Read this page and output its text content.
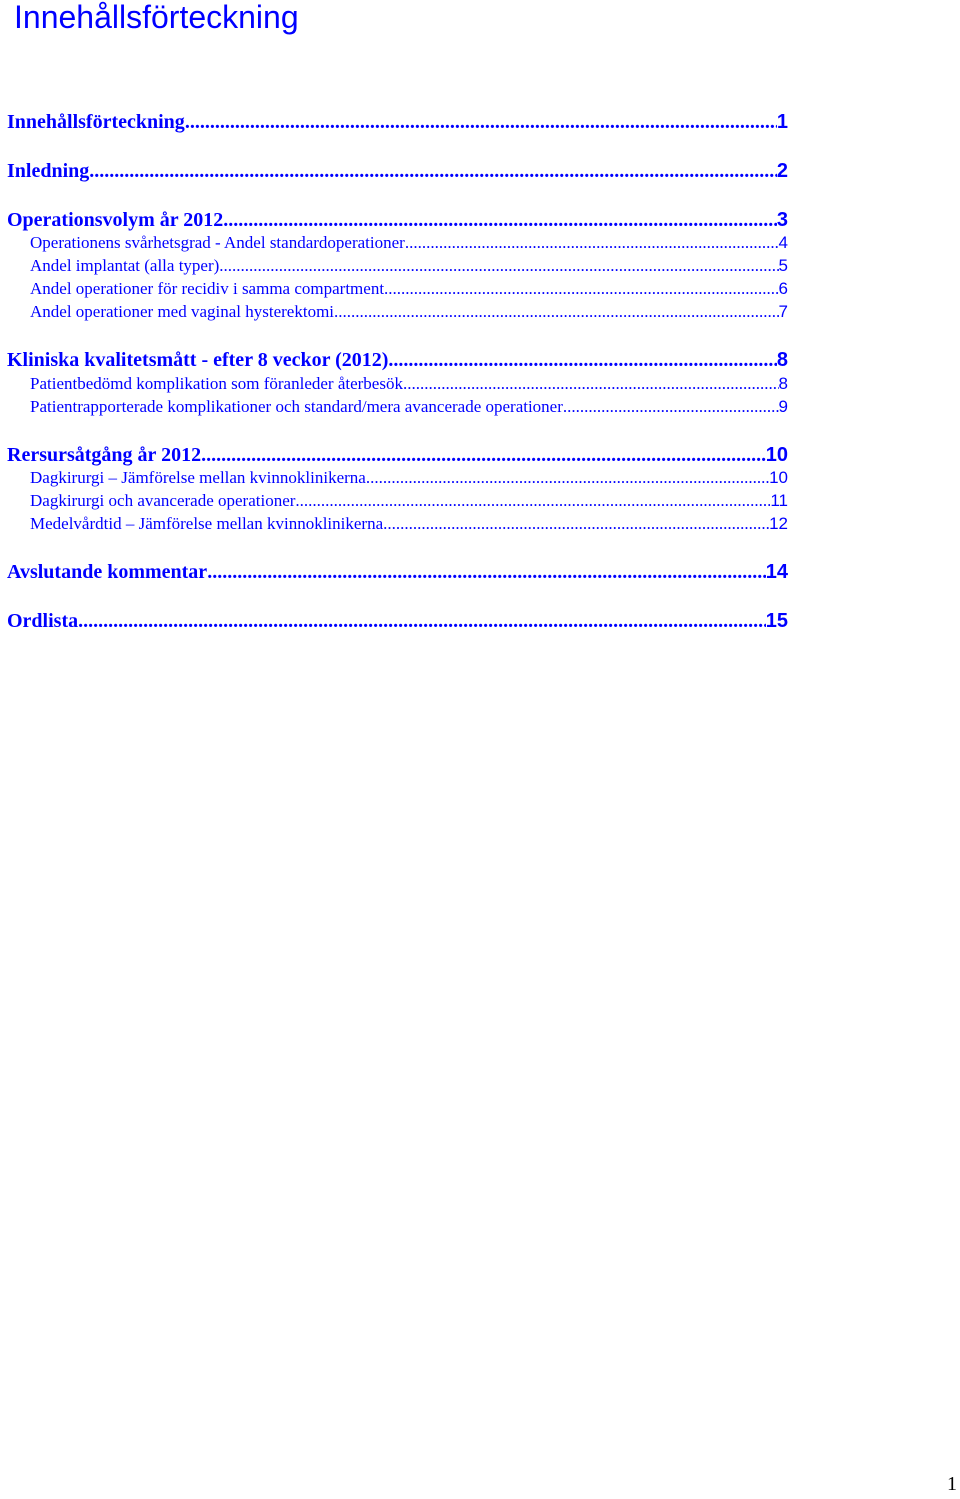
Innehållsförteckning
Innehållsförteckning .....	1
Inledning .....	2
Operationsvolym år 2012 .....	3
Operationens svårhetsgrad - Andel standardoperationer .....	4
Andel implantat (alla typer) .....	5
Andel operationer för recidiv i samma compartment .....	6
Andel operationer med vaginal hysterektomi .....	7
Kliniska kvalitetsmått - efter 8 veckor (2012) .....	8
Patientbedömd komplikation som föranleder återbesök .....	8
Patientrapporterade komplikationer och standard/mera avancerade operationer .....	9
Rersursåtgång år 2012 .....	10
Dagkirurgi – Jämförelse mellan kvinnoklinikerna .....	10
Dagkirurgi och avancerade operationer .....	11
Medelvårdtid – Jämförelse mellan kvinnoklinikerna .....	12
Avslutande kommentar .....	14
Ordlista .....	15
1
